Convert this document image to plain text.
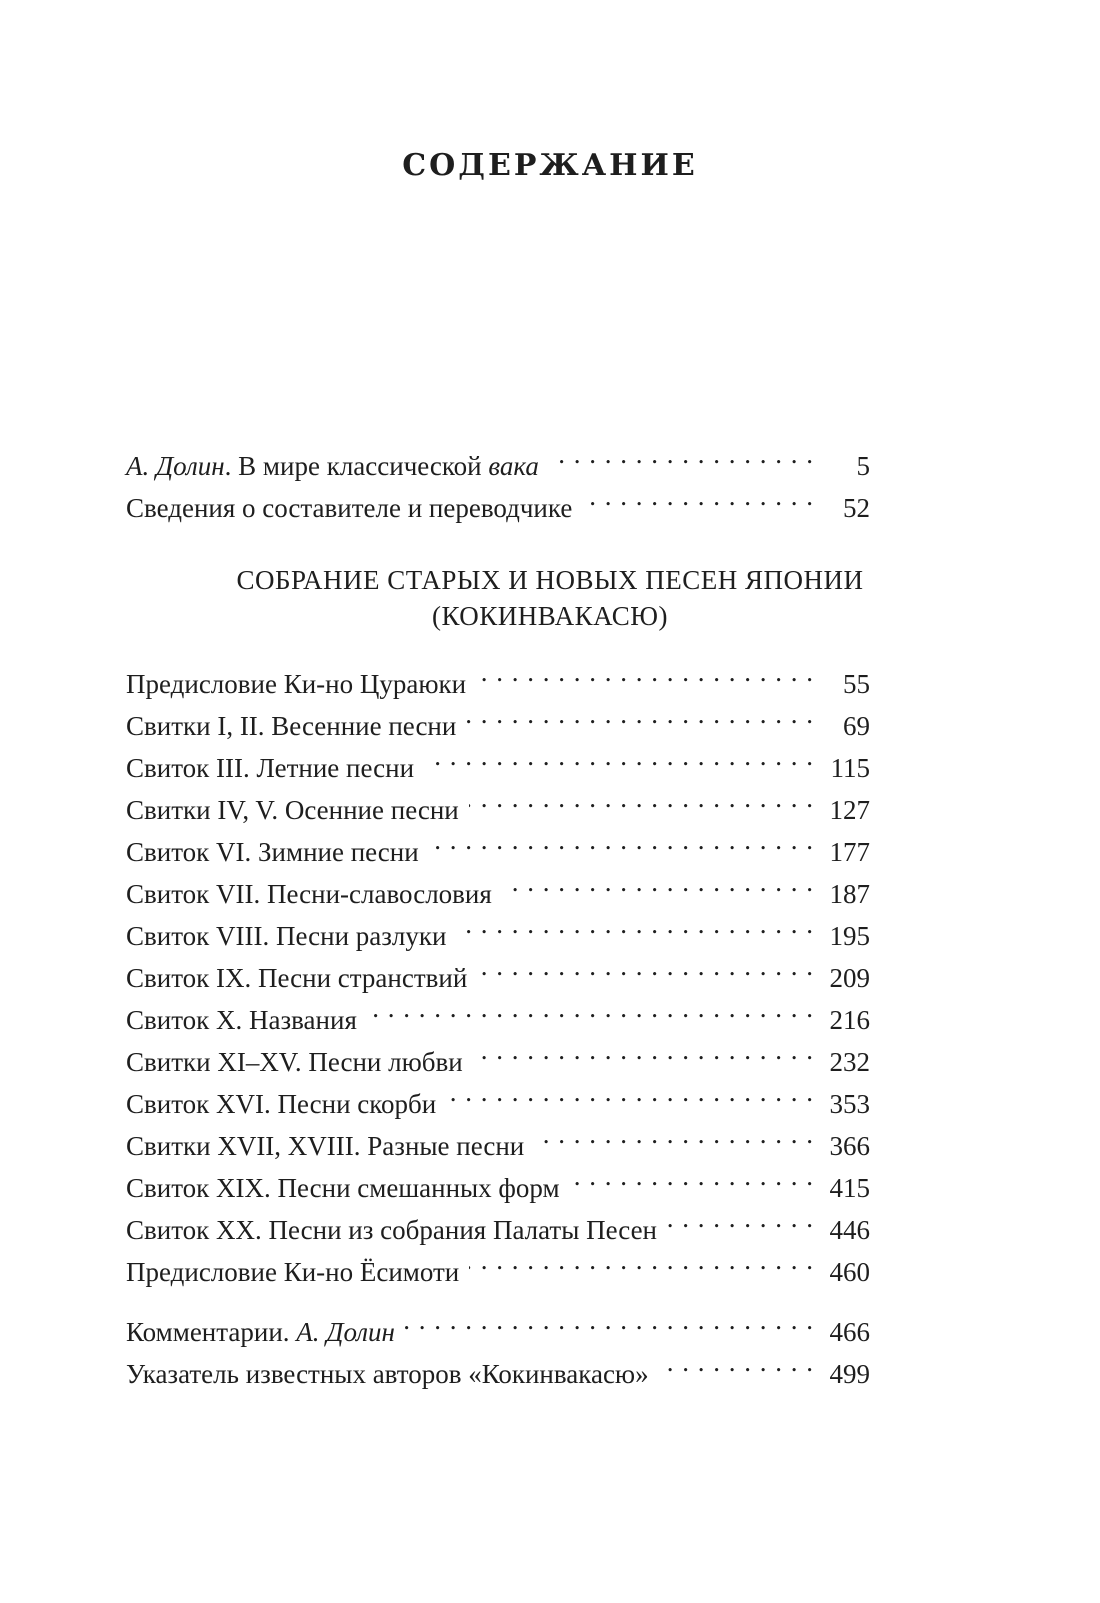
СОДЕРЖАНИЕ
А. Долин. В мире классической вака . . .	5
Сведения о составителе и переводчике . . .	52
СОБРАНИЕ СТАРЫХ И НОВЫХ ПЕСЕН ЯПОНИИ
(КОКИНВАКАСЮ)
Предисловие Ки-но Цураюки . . .	55
Свитки I, II. Весенние песни . . .	69
Свиток III. Летние песни . . .	115
Свитки IV, V. Осенние песни . . .	127
Свиток VI. Зимние песни . . .	177
Свиток VII. Песни-славословия . . .	187
Свиток VIII. Песни разлуки . . .	195
Свиток IX. Песни странствий . . .	209
Свиток X. Названия . . .	216
Свитки XI–XV. Песни любви . . .	232
Свиток XVI. Песни скорби . . .	353
Свитки XVII, XVIII. Разные песни . . .	366
Свиток XIX. Песни смешанных форм . . .	415
Свиток XX. Песни из собрания Палаты Песен . . .	446
Предисловие Ки-но Ёсимоти . . .	460
Комментарии. А. Долин . . .	466
Указатель известных авторов «Кокинвакасю» . . .	499
